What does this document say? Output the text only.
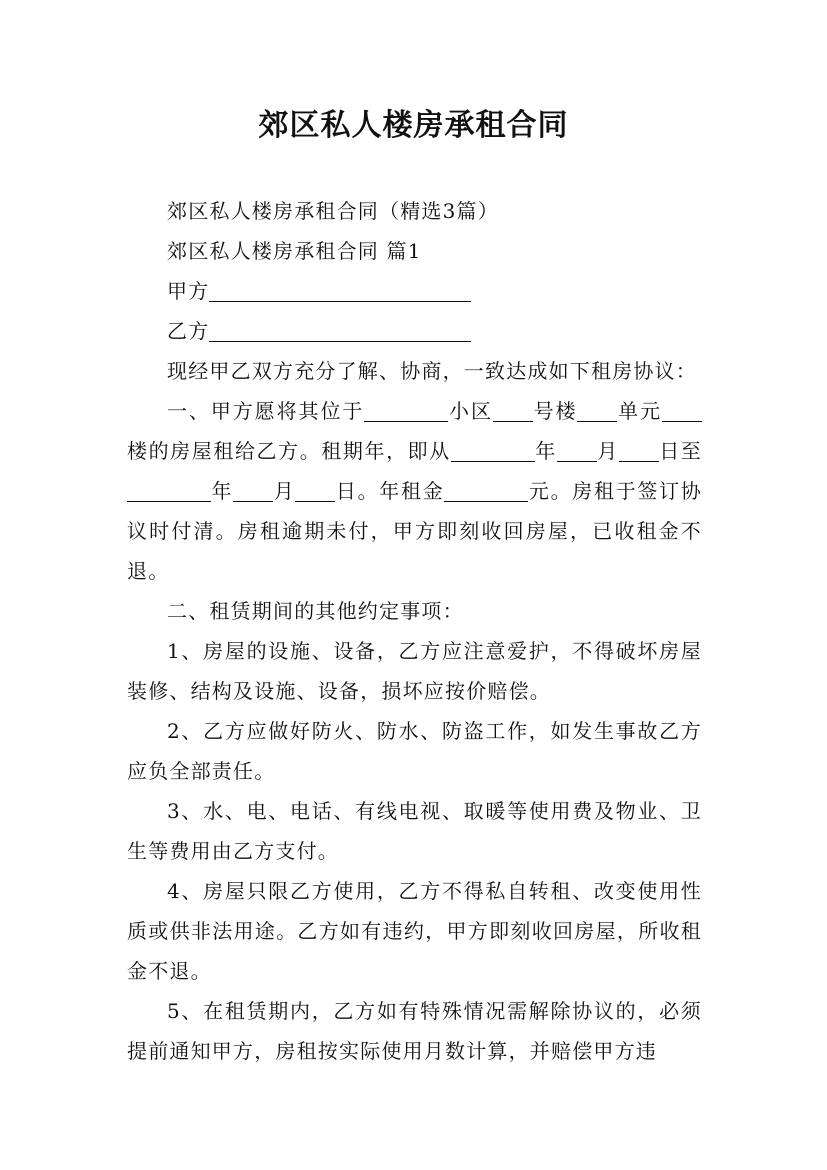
郊区私人楼房承租合同

郊区私人楼房承租合同（精选3篇）

郊区私人楼房承租合同 篇1

甲方

乙方

现经甲乙双方充分了解、协商，一致达成如下租房协议：

一、甲方愿将其位于	小区 号楼 单元楼的房屋租给乙方。租期年，即从	年 月 日至年 月 日。年租金	元。房租于签订协议时付清。房租逾期未付，甲方即刻收回房屋，已收租金不退。

二、租赁期间的其他约定事项：

1、房屋的设施、设备，乙方应注意爱护，不得破坏房屋装修、结构及设施、设备，损坏应按价赔偿。

2、乙方应做好防火、防水、防盗工作，如发生事故乙方应负全部责任。

3、水、电、电话、有线电视、取暖等使用费及物业、卫生等费用由乙方支付。

4、房屋只限乙方使用，乙方不得私自转租、改变使用性质或供非法用途。乙方如有违约，甲方即刻收回房屋，所收租金不退。

5、在租赁期内，乙方如有特殊情况需解除协议的，必须提前通知甲方，房租按实际使用月数计算，并赔偿甲方违
